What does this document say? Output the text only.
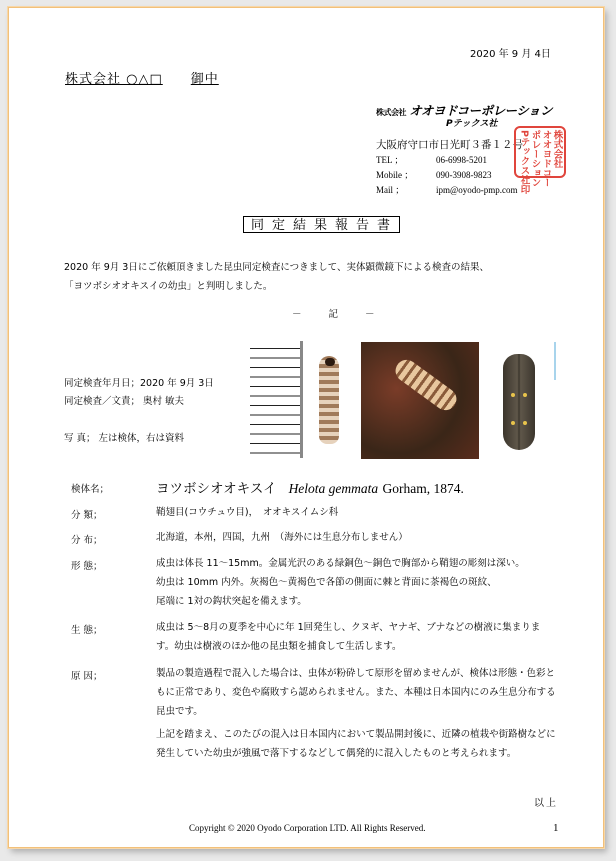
2020 年 9 月 4日
株式会社 ○△□ 御中
株式会社 オオヨドコーポレーション
Pテックス社
大阪府守口市日光町３番１２号
TEL ；	06-6998-5201
Mobile ；	090-3908-9823
Mail ；	ipm@oyodo-pmp.com
株式会社
オオヨドコー
ポレーション
Pテックス社印
同定結果報告書
2020 年 9月 3日にご依頼頂きました昆虫同定検査につきまして、実体顕微鏡下による検査の結果、
「ヨツボシオオキスイの幼虫」と判明しました。
－ 記 －
同定検査年月日；2020 年 9月 3日
同定検査／文責； 奥村 敏夫
写 真； 左は検体，右は資料
検体名；	ヨツボシオオキスイ Helota gemmata Gorham, 1874.
分 類；	鞘翅目(コウチュウ目)，　オオキスイムシ科
分 布；	北海道，本州，四国，九州　（海外には生息分布しません）
形 態；	成虫は体長 11～15mm。金属光沢のある緑銅色～銅色で胸部から鞘翅の彫刻は深い。
幼虫は 10mm 内外。灰褐色～黄褐色で各節の側面に棘と背面に茶褐色の斑紋、
尾端に 1対の鈎状突起を備えます。
生 態；	成虫は 5～8月の夏季を中心に年 1回発生し、クヌギ、ヤナギ、ブナなどの樹液に集まります。幼虫は樹液のほか他の昆虫類を捕食して生活します。
原 因；	製品の製造過程で混入した場合は、虫体が粉砕して原形を留めませんが、検体は形態・色彩ともに正常であり、変色や腐敗すら認められません。また、本種は日本国内にのみ生息分布する昆虫です。
上記を踏まえ、このたびの混入は日本国内において製品開封後に、近隣の植栽や街路樹などに発生していた幼虫が強風で落下するなどして偶発的に混入したものと考えられます。
以上
Copyright © 2020 Oyodo Corporation LTD. All Rights Reserved.	1
